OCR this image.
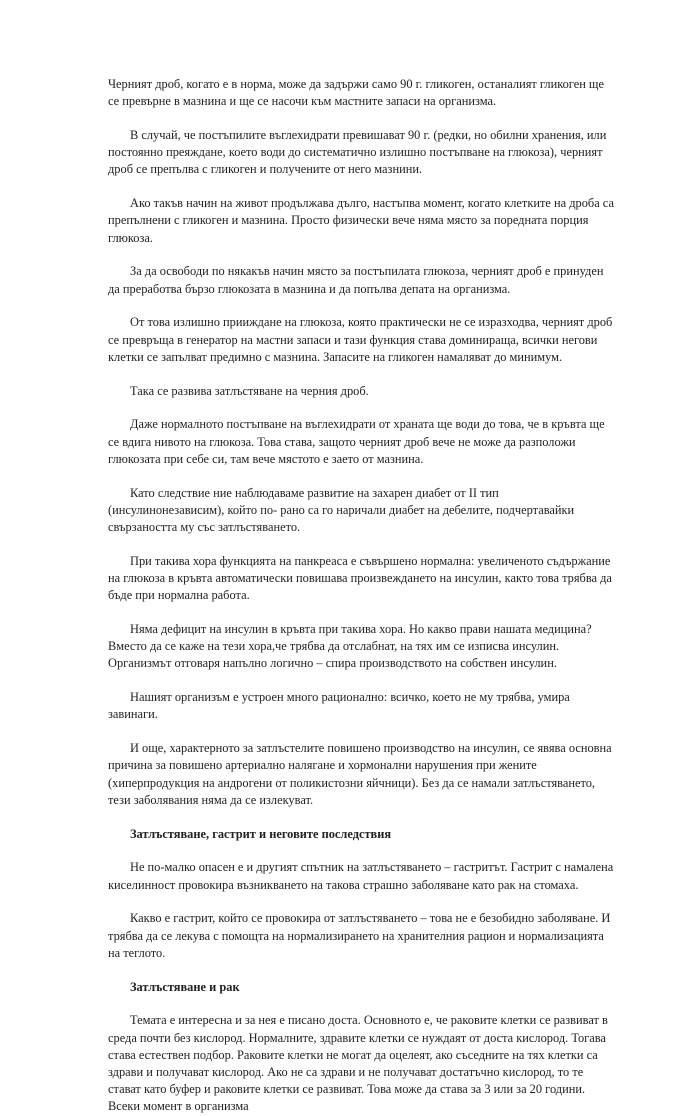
Черният дроб, когато е в норма, може да задържи само 90 г. гликоген, останалият гликоген ще се превърне в мазнина и ще се насочи към мастните запаси на организма.

В случай, че постъпилите въглехидрати превишават 90 г. (редки, но обилни хранения, или постоянно преяждане, което води до систематично излишно постъпване на глюкоза), черният дроб се препълва с гликоген и получените от него мазнини.

Ако такъв начин на живот продължава дълго, настъпва момент, когато клетките на дроба са препълнени с гликоген и мазнина. Просто физически вече няма място за поредната порция глюкоза.

За да освободи по някакъв начин място за постъпилата глюкоза, черният дроб е принуден да преработва бързо глюкозата в мазнина и да попълва депата на организма.

От това излишно прииждане на глюкоза, която практически не се изразходва, черният дроб се превръща в генератор на мастни запаси и тази функция става доминираща, всички негови клетки се запълват предимно с мазнина. Запасите на гликоген намаляват до минимум.

Така се развива затлъстяване на черния дроб.

Даже нормалното постъпване на въглехидрати от храната ще води до това, че в кръвта ще се вдига нивото на глюкоза. Това става, защото черният дроб вече не може да разположи глюкозата при себе си, там вече мястото е заето от мазнина.

Като следствие ние наблюдаваме развитие на захарен диабет от II тип (инсулинонезависим), който по- рано са го наричали диабет на дебелите, подчертавайки свързаността му със затлъстяването.

При такива хора функцията на панкреаса е съвършено нормална: увеличеното съдържание на глюкоза в кръвта автоматически повишава произвеждането на инсулин, както това трябва да бъде при нормална работа.

Няма дефицит на инсулин в кръвта при такива хора. Но какво прави нашата медицина? Вместо да се каже на тези хора,че трябва да отслабнат, на тях им се изписва инсулин. Организмът отговаря напълно логично – спира производството на собствен инсулин.

Нашият организъм е устроен много рационално: всичко, което не му трябва, умира завинаги.

И още, характерното за затлъстелите повишено производство на инсулин, се явява основна причина за повишено артериално налягане и хормонални нарушения при жените (хиперпродукция на андрогени от поликистозни яйчници). Без да се намали затлъстяването, тези заболявания няма да се излекуват.

Затлъстяване, гастрит и неговите последствия

Не по-малко опасен е и другият спътник на затлъстяването – гастритът. Гастрит с намалена киселинност провокира възникването на такова страшно заболяване като рак на стомаха.

Какво е гастрит, който се провокира от затлъстяването – това не е безобидно заболяване. И трябва да се лекува с помощта на нормализирането на хранителния рацион и нормализацията на теглото.

Затлъстяване и рак

Темата е интересна и за нея е писано доста. Основното е, че раковите клетки се развиват в среда почти без кислород. Нормалните, здравите клетки се нуждаят от доста кислород. Тогава става естествен подбор. Раковите клетки не могат да оцелеят, ако съседните на тях клетки са здрави и получават кислород. Ако не са здрави и не получават достатъчно кислород, то те стават като буфер и раковите клетки се развиват. Това може да става за 3 или за 20 години. Всеки момент в организма
